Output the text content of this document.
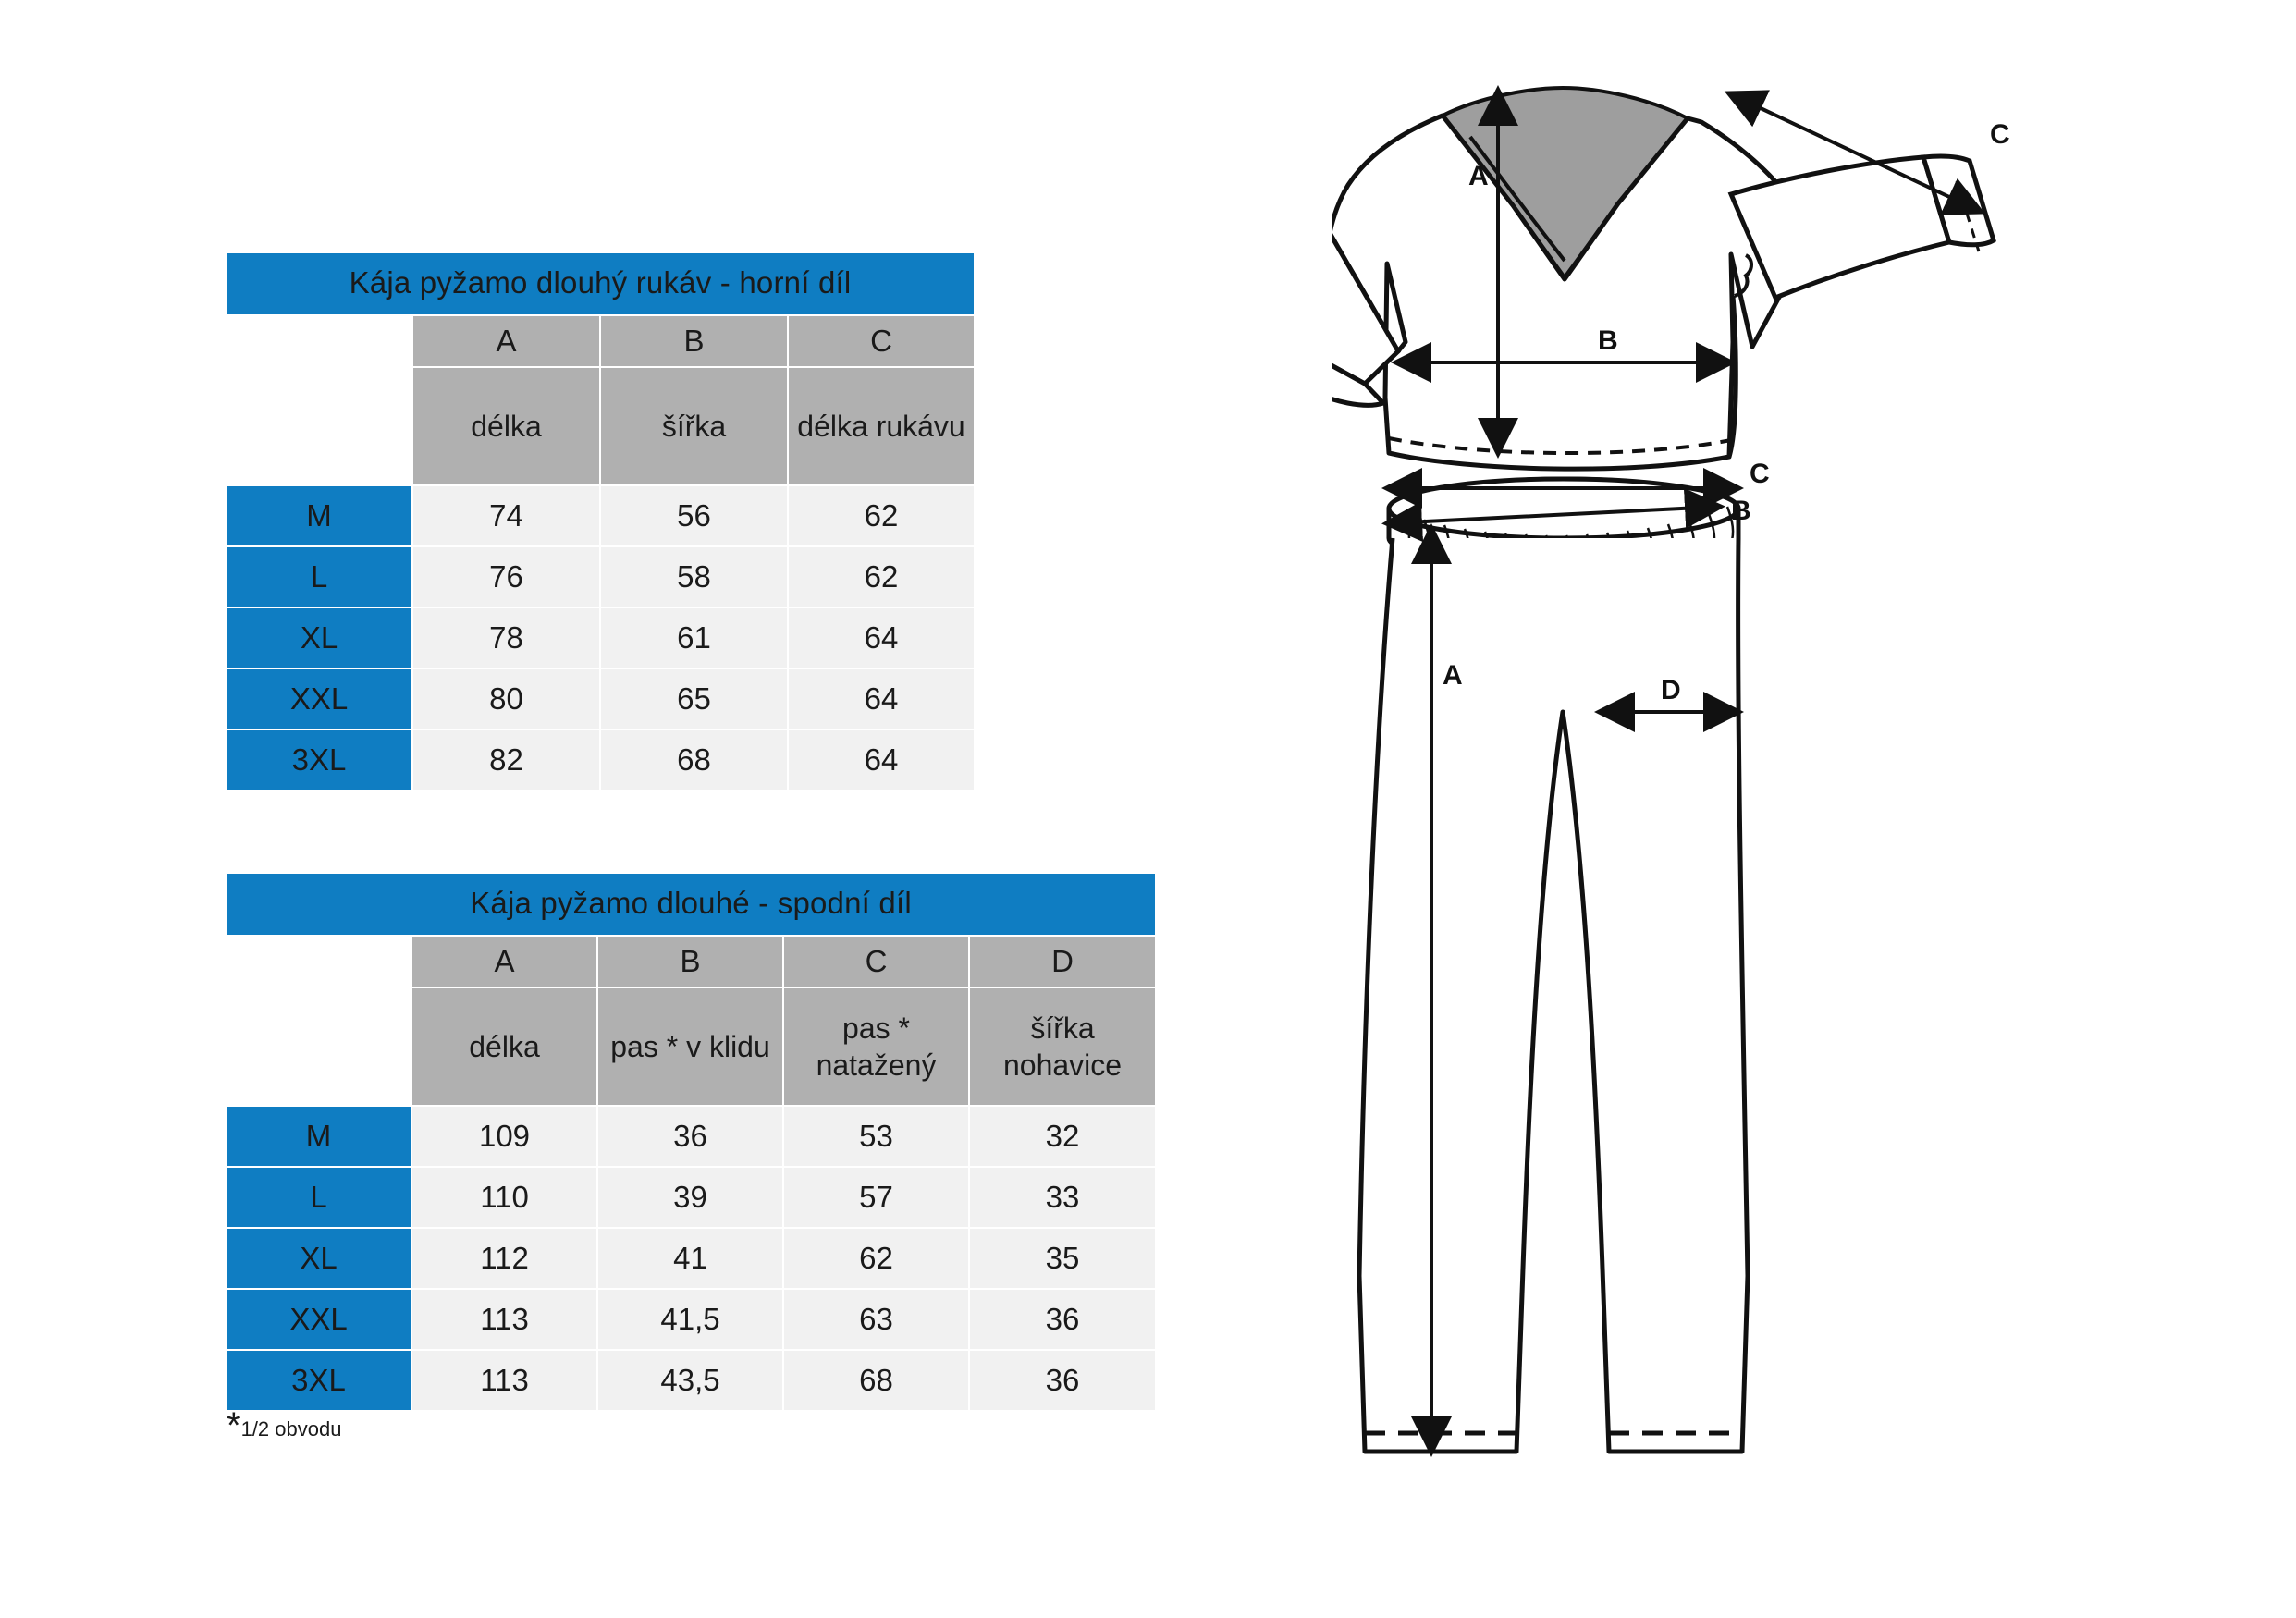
Kája pyžamo dlouhý rukáv - horní díl			
	A	B	C
	délka	šířka	délka rukávu
M	74	56	62
L	76	58	62
XL	78	61	64
XXL	80	65	64
3XL	82	68	64
Kája pyžamo dlouhé - spodní díl				
	A	B	C	D
	délka	pas * v klidu	pas * natažený	šířka nohavice
M	109	36	53	32
L	110	39	57	33
XL	112	41	62	35
XXL	113	41,5	63	36
3XL	113	43,5	68	36
*1/2 obvodu
A
B
C
C
B
A	D
